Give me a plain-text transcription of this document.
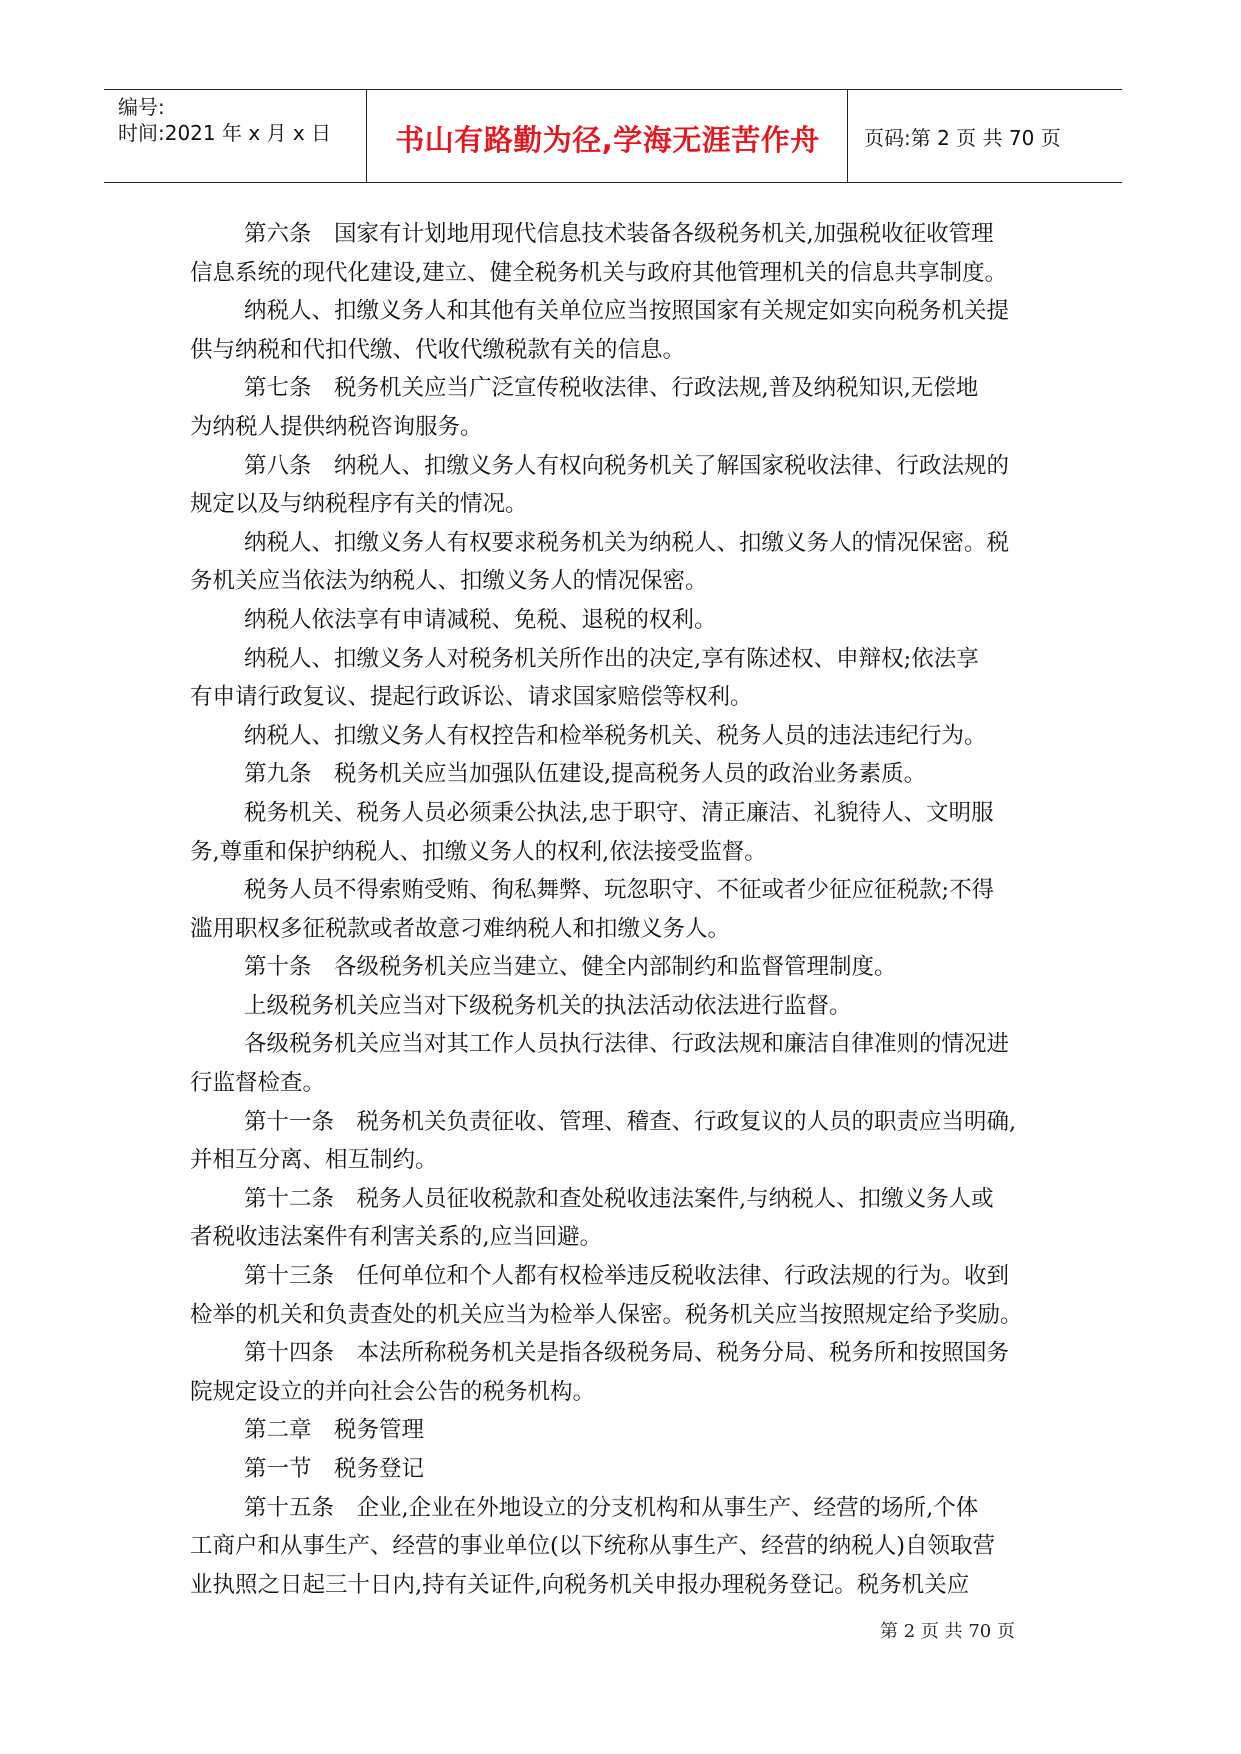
编号:
时间:2021 年 x 月 x 日	书山有路勤为径,学海无涯苦作舟	页码:第 2 页 共 70 页
第六条　国家有计划地用现代信息技术装备各级税务机关,加强税收征收管理
信息系统的现代化建设,建立、健全税务机关与政府其他管理机关的信息共享制度。
纳税人、扣缴义务人和其他有关单位应当按照国家有关规定如实向税务机关提
供与纳税和代扣代缴、代收代缴税款有关的信息。
第七条　税务机关应当广泛宣传税收法律、行政法规,普及纳税知识,无偿地
为纳税人提供纳税咨询服务。
第八条　纳税人、扣缴义务人有权向税务机关了解国家税收法律、行政法规的
规定以及与纳税程序有关的情况。
纳税人、扣缴义务人有权要求税务机关为纳税人、扣缴义务人的情况保密。税
务机关应当依法为纳税人、扣缴义务人的情况保密。
纳税人依法享有申请减税、免税、退税的权利。
纳税人、扣缴义务人对税务机关所作出的决定,享有陈述权、申辩权;依法享
有申请行政复议、提起行政诉讼、请求国家赔偿等权利。
纳税人、扣缴义务人有权控告和检举税务机关、税务人员的违法违纪行为。
第九条　税务机关应当加强队伍建设,提高税务人员的政治业务素质。
税务机关、税务人员必须秉公执法,忠于职守、清正廉洁、礼貌待人、文明服
务,尊重和保护纳税人、扣缴义务人的权利,依法接受监督。
税务人员不得索贿受贿、徇私舞弊、玩忽职守、不征或者少征应征税款;不得
滥用职权多征税款或者故意刁难纳税人和扣缴义务人。
第十条　各级税务机关应当建立、健全内部制约和监督管理制度。
上级税务机关应当对下级税务机关的执法活动依法进行监督。
各级税务机关应当对其工作人员执行法律、行政法规和廉洁自律准则的情况进
行监督检查。
第十一条　税务机关负责征收、管理、稽查、行政复议的人员的职责应当明确,
并相互分离、相互制约。
第十二条　税务人员征收税款和查处税收违法案件,与纳税人、扣缴义务人或
者税收违法案件有利害关系的,应当回避。
第十三条　任何单位和个人都有权检举违反税收法律、行政法规的行为。收到
检举的机关和负责查处的机关应当为检举人保密。税务机关应当按照规定给予奖励。
第十四条　本法所称税务机关是指各级税务局、税务分局、税务所和按照国务
院规定设立的并向社会公告的税务机构。
第二章　税务管理
第一节　税务登记
第十五条　企业,企业在外地设立的分支机构和从事生产、经营的场所,个体
工商户和从事生产、经营的事业单位(以下统称从事生产、经营的纳税人)自领取营
业执照之日起三十日内,持有关证件,向税务机关申报办理税务登记。税务机关应
第 2 页 共 70 页
